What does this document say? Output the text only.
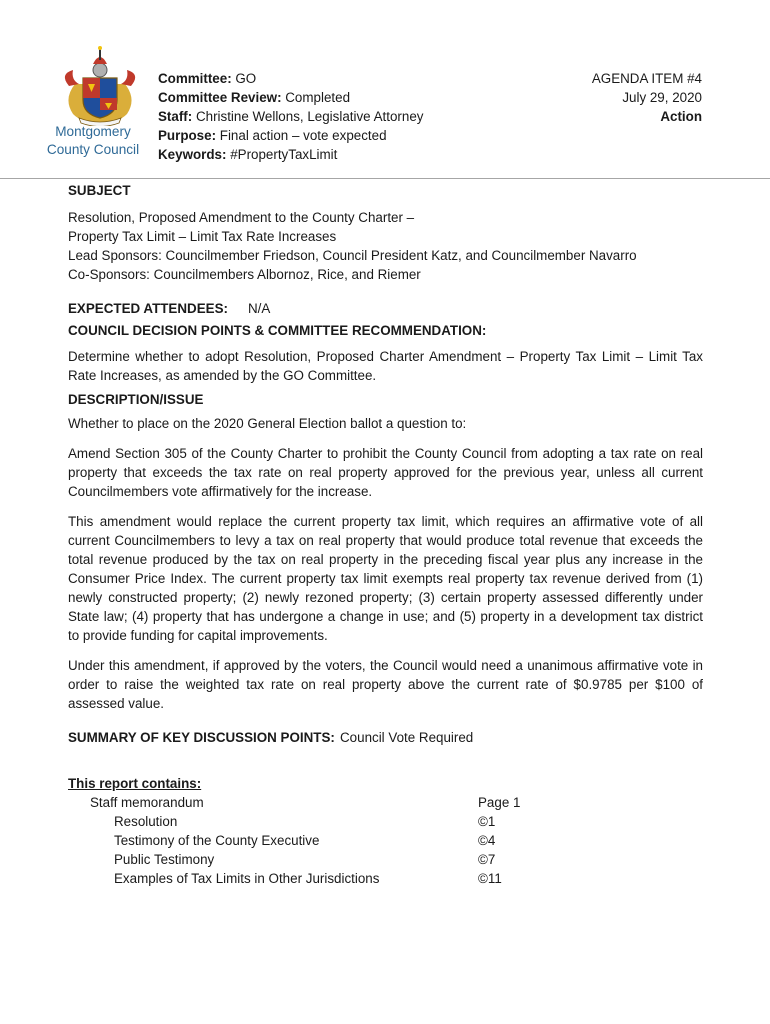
Montgomery
County Council
Committee: GO
Committee Review: Completed
Staff: Christine Wellons, Legislative Attorney
Purpose: Final action – vote expected
Keywords: #PropertyTaxLimit
AGENDA ITEM #4
July 29, 2020
Action
SUBJECT
Resolution, Proposed Amendment to the County Charter –
Property Tax Limit – Limit Tax Rate Increases
Lead Sponsors: Councilmember Friedson, Council President Katz, and Councilmember Navarro
Co-Sponsors: Councilmembers Albornoz, Rice, and Riemer
EXPECTED ATTENDEES:	N/A
COUNCIL DECISION POINTS & COMMITTEE RECOMMENDATION:
Determine whether to adopt Resolution, Proposed Charter Amendment – Property Tax Limit – Limit Tax Rate Increases, as amended by the GO Committee.
DESCRIPTION/ISSUE
Whether to place on the 2020 General Election ballot a question to:
Amend Section 305 of the County Charter to prohibit the County Council from adopting a tax rate on real property that exceeds the tax rate on real property approved for the previous year, unless all current Councilmembers vote affirmatively for the increase.
This amendment would replace the current property tax limit, which requires an affirmative vote of all current Councilmembers to levy a tax on real property that would produce total revenue that exceeds the total revenue produced by the tax on real property in the preceding fiscal year plus any increase in the Consumer Price Index. The current property tax limit exempts real property tax revenue derived from (1) newly constructed property; (2) newly rezoned property; (3) certain property assessed differently under State law; (4) property that has undergone a change in use; and (5) property in a development tax district to provide funding for capital improvements.
Under this amendment, if approved by the voters, the Council would need a unanimous affirmative vote in order to raise the weighted tax rate on real property above the current rate of $0.9785 per $100 of assessed value.
SUMMARY OF KEY DISCUSSION POINTS: Council Vote Required
This report contains:
Staff memorandum	Page 1
Resolution	©1
Testimony of the County Executive	©4
Public Testimony	©7
Examples of Tax Limits in Other Jurisdictions	©11
